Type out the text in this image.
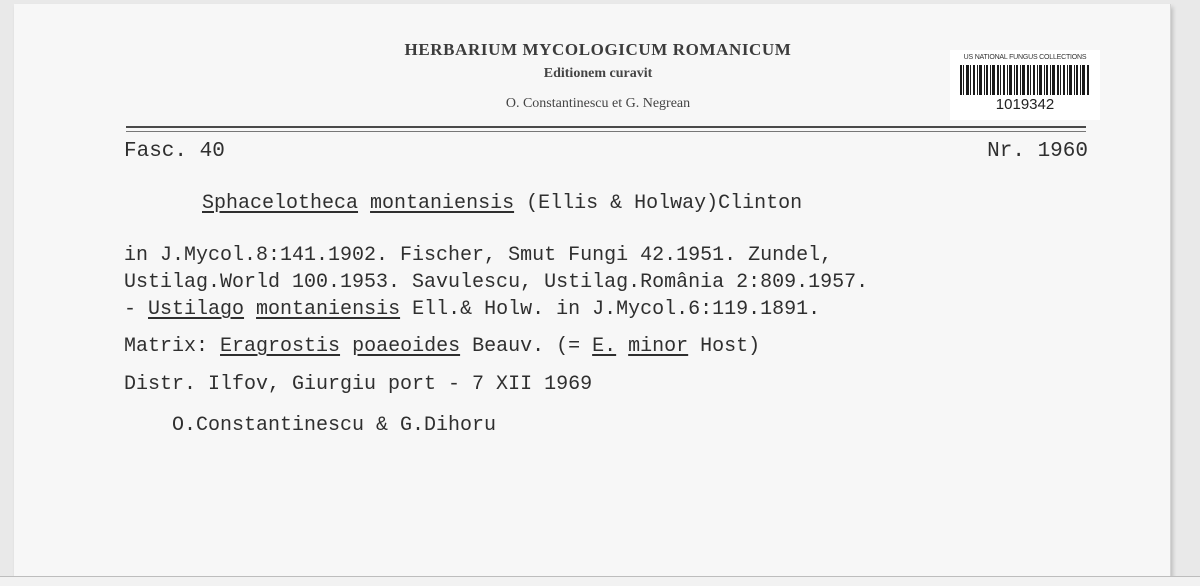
HERBARIUM MYCOLOGICUM ROMANICUM
Editionem curavit
O. Constantinescu et G. Negrean
US NATIONAL FUNGUS COLLECTIONS
1019342
Fasc. 40	Nr. 1960
Sphacelotheca montaniensis (Ellis & Holway)Clinton
in J.Mycol.8:141.1902. Fischer, Smut Fungi 42.1951. Zundel,
Ustilag.World 100.1953. Savulescu, Ustilag.România 2:809.1957.
- Ustilago montaniensis Ell.& Holw. in J.Mycol.6:119.1891.
Matrix: Eragrostis poaeoides Beauv. (= E. minor Host)
Distr. Ilfov, Giurgiu port - 7 XII 1969
O.Constantinescu & G.Dihoru
